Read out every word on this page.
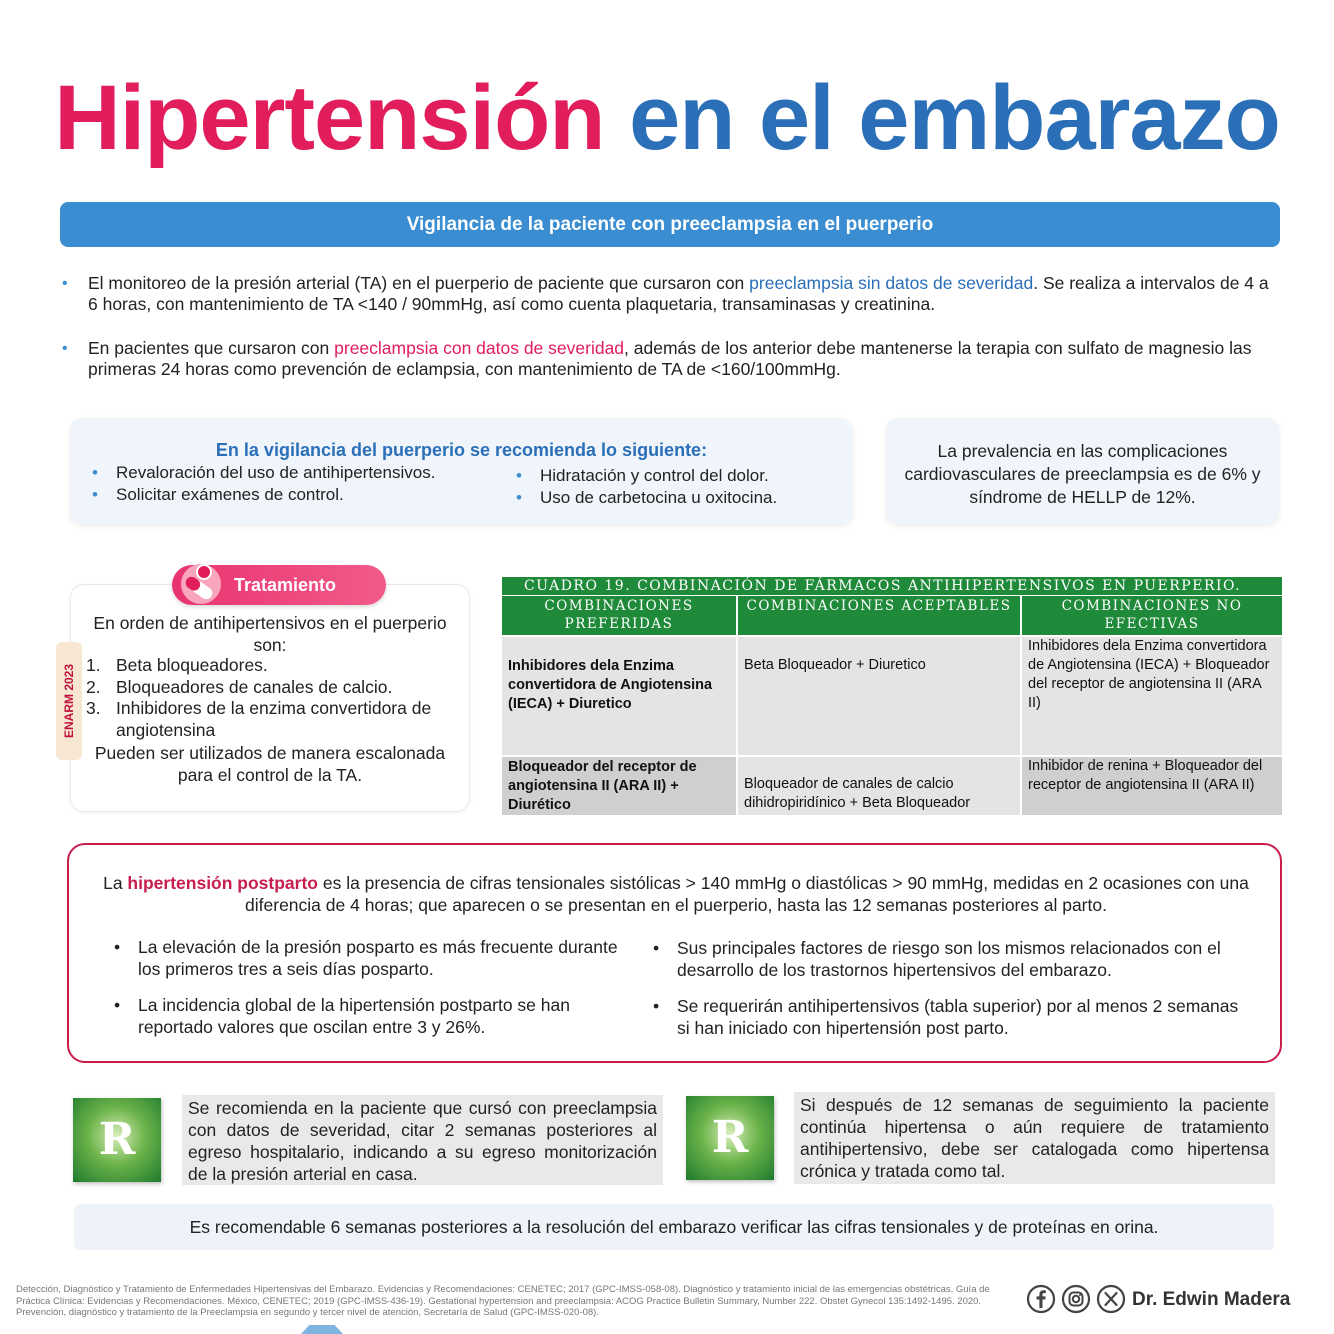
Hipertensión en el embarazo
Vigilancia de la paciente con preeclampsia en el puerperio
• El monitoreo de la presión arterial (TA) en el puerperio de paciente que cursaron con preeclampsia sin datos de severidad. Se realiza a intervalos de 4 a 6 horas, con mantenimiento de TA <140 / 90mmHg, así como cuenta plaquetaria, transaminasas y creatinina.

• En pacientes que cursaron con preeclampsia con datos de severidad, además de los anterior debe mantenerse la terapia con sulfato de magnesio las primeras 24 horas como prevención de eclampsia, con mantenimiento de TA de <160/100mmHg.

En la vigilancia del puerperio se recomienda lo siguiente:
• Revaloración del uso de antihipertensivos.
• Solicitar exámenes de control.
• Hidratación y control del dolor.
• Uso de carbetocina u oxitocina.
La prevalencia en las complicaciones cardiovasculares de preeclampsia es de 6% y síndrome de HELLP de 12%.
Tratamiento
ENARM 2023
En orden de antihipertensivos en el puerperio son:
1. Beta bloqueadores.
2. Bloqueadores de canales de calcio.
3. Inhibidores de la enzima convertidora de angiotensina
Pueden ser utilizados de manera escalonada para el control de la TA.
CUADRO 19. COMBINACIÓN DE FÁRMACOS ANTIHIPERTENSIVOS EN PUERPERIO.
COMBINACIONES PREFERIDAS
COMBINACIONES ACEPTABLES	COMBINACIONES NO EFECTIVAS
Inhibidores dela Enzima convertidora de Angiotensina (IECA) + Diuretico
Beta Bloqueador + Diuretico
Inhibidores dela Enzima convertidora de Angiotensina (IECA) + Bloqueador del receptor de angiotensina II (ARA II)
Bloqueador del receptor de angiotensina II (ARA II) + Diurético
Bloqueador de canales de calcio dihidropiridínico + Beta Bloqueador
Inhibidor de renina + Bloqueador del receptor de angiotensina II (ARA II)
La hipertensión postparto es la presencia de cifras tensionales sistólicas > 140 mmHg o diastólicas > 90 mmHg, medidas en 2 ocasiones con una diferencia de 4 horas; que aparecen o se presentan en el puerperio, hasta las 12 semanas posteriores al parto.
• La elevación de la presión posparto es más frecuente durante los primeros tres a seis días posparto.

• La incidencia global de la hipertensión postparto se han reportado valores que oscilan entre 3 y 26%.

• Sus principales factores de riesgo son los mismos relacionados con el desarrollo de los trastornos hipertensivos del embarazo.

• Se requerirán antihipertensivos (tabla superior) por al menos 2 semanas si han iniciado con hipertensión post parto.

R
Se recomienda en la paciente que cursó con preeclampsia con datos de severidad, citar 2 semanas posteriores al egreso hospitalario, indicando a su egreso monitorización de la presión arterial en casa.
R
Si después de 12 semanas de seguimiento la paciente continúa hipertensa o aún requiere de tratamiento antihipertensivo, debe ser catalogada como hipertensa crónica y tratada como tal.
Es recomendable 6 semanas posteriores a la resolución del embarazo verificar las cifras tensionales y de proteínas en orina.
Detección, Diagnóstico y Tratamiento de Enfermedades Hipertensivas del Embarazo. Evidencias y Recomendaciones: CENETEC; 2017 (GPC-IMSS-058-08). Diagnóstico y tratamiento inicial de las emergencias obstétricas. Guía de Práctica Clínica: Evidencias y Recomendaciones. México, CENETEC; 2019 (GPC-IMSS-436-19). Gestational hypertension and preeclampsia: ACOG Practice Bulletin Summary, Number 222. Obstet Gynecol 135:1492-1495. 2020. Prevención, diagnóstico y tratamiento de la Preeclampsia en segundo y tercer nivel de atención, Secretaría de Salud (GPC-IMSS-020-08).
Dr. Edwin Madera
